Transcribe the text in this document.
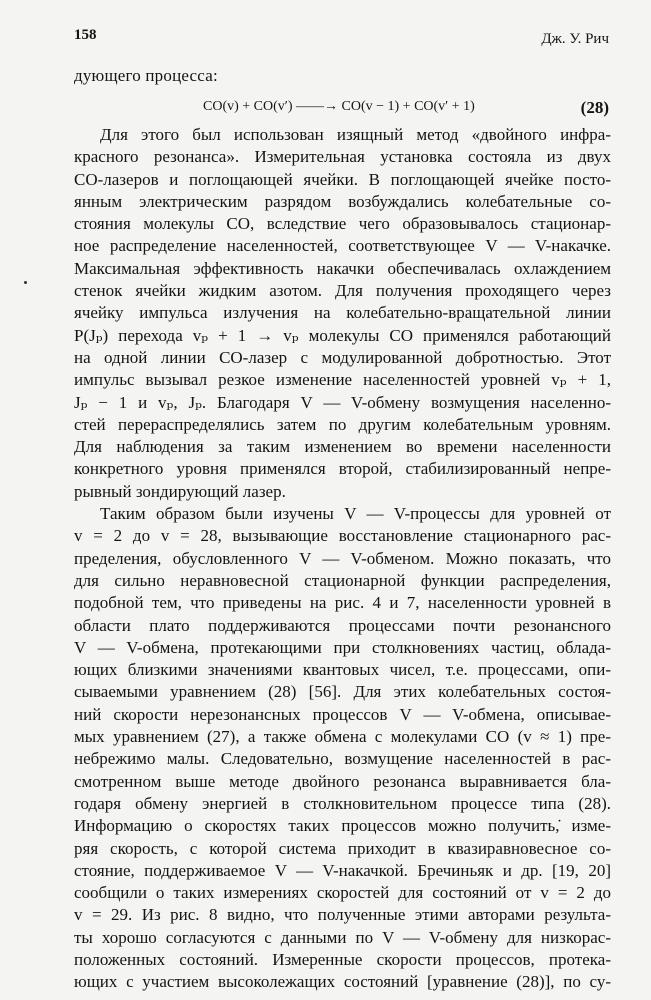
158	Дж. У. Рич
дующего процесса:
CO(v) + CO(v′) ——→ CO(v − 1) + CO(v′ + 1)	(28)
Для этого был использован изящный метод «двойного инфра-
красного резонанса». Измерительная установка состояла из двух
CO-лазеров и поглощающей ячейки. В поглощающей ячейке посто-
янным электрическим разрядом возбуждались колебательные со-
стояния молекулы CO, вследствие чего образовывалось стационар-
ное распределение населенностей, соответствующее V — V-накачке.
Максимальная эффективность накачки обеспечивалась охлаждением
стенок ячейки жидким азотом. Для получения проходящего через
ячейку импульса излучения на колебательно-вращательной линии
P(Jₚ) перехода vₚ + 1 → vₚ молекулы CO применялся работающий
на одной линии CO-лазер с модулированной добротностью. Этот
импульс вызывал резкое изменение населенностей уровней vₚ + 1,
Jₚ − 1 и vₚ, Jₚ. Благодаря V — V-обмену возмущения населенно-
стей перераспределялись затем по другим колебательным уровням.
Для наблюдения за таким изменением во времени населенности
конкретного уровня применялся второй, стабилизированный непре-
рывный зондирующий лазер.
Таким образом были изучены V — V-процессы для уровней от
v = 2 до v = 28, вызывающие восстановление стационарного рас-
пределения, обусловленного V — V-обменом. Можно показать, что
для сильно неравновесной стационарной функции распределения,
подобной тем, что приведены на рис. 4 и 7, населенности уровней в
области плато поддерживаются процессами почти резонансного
V — V-обмена, протекающими при столкновениях частиц, облада-
ющих близкими значениями квантовых чисел, т.е. процессами, опи-
сываемыми уравнением (28) [56]. Для этих колебательных состоя-
ний скорости нерезонансных процессов V — V-обмена, описывае-
мых уравнением (27), а также обмена с молекулами CO (v ≈ 1) пре-
небрежимо малы. Следовательно, возмущение населенностей в рас-
смотренном выше методе двойного резонанса выравнивается бла-
годаря обмену энергией в столкновительном процессе типа (28).
Информацию о скоростях таких процессов можно получить,̇ изме-
ряя скорость, с которой система приходит в квазиравновесное со-
стояние, поддерживаемое V — V-накачкой. Бречиньяк и др. [19, 20]
сообщили о таких измерениях скоростей для состояний от v = 2 до
v = 29. Из рис. 8 видно, что полученные этими авторами результа-
ты хорошо согласуются с данными по V — V-обмену для низкорас-
положенных состояний. Измеренные скорости процессов, протека-
ющих с участием высоколежащих состояний [уравнение (28)], по су-
